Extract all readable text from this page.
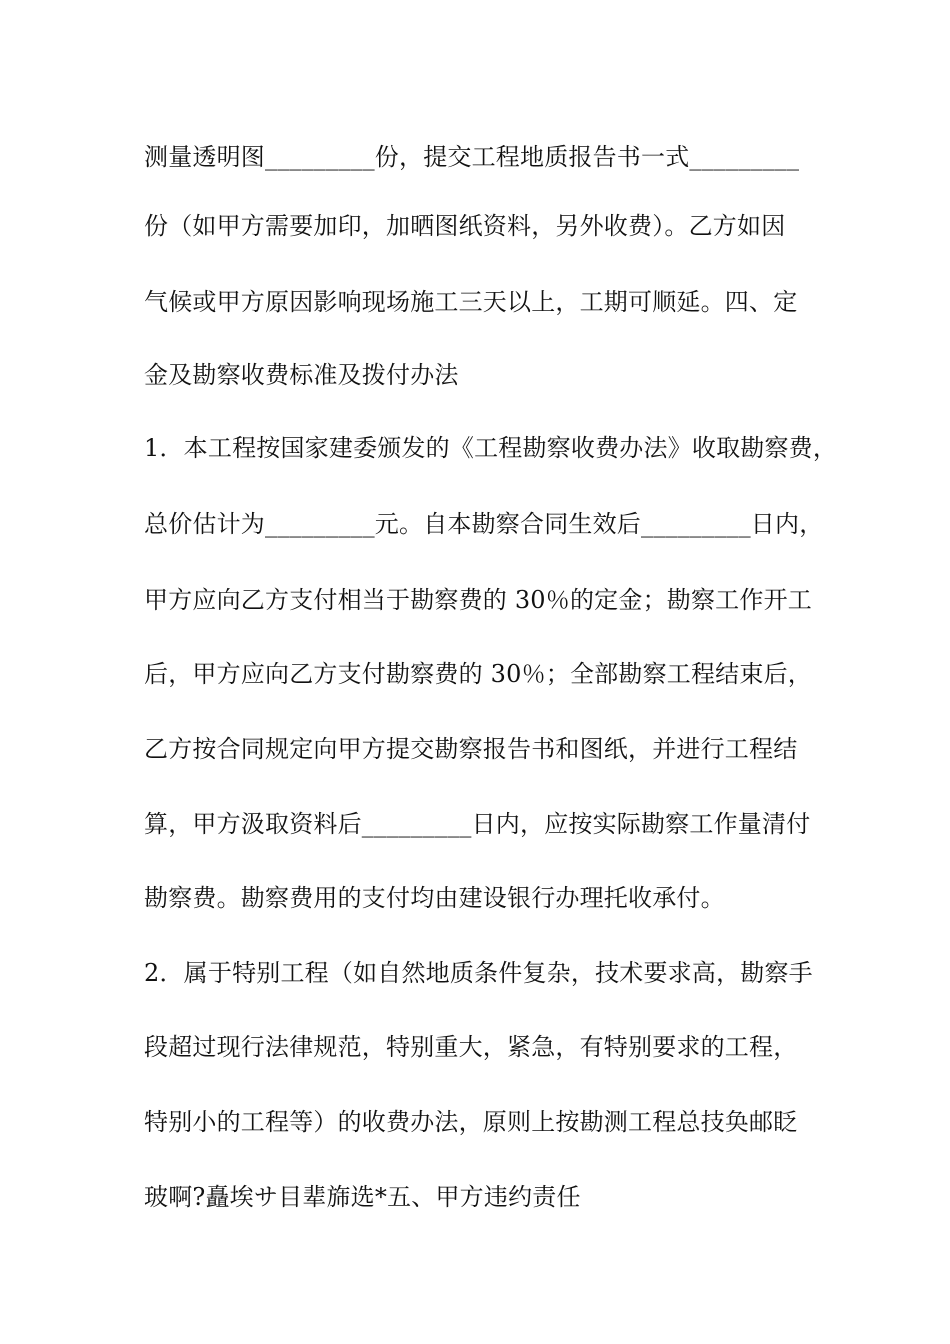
测量透明图_________份，提交工程地质报告书一式_________
份（如甲方需要加印，加晒图纸资料，另外收费）。乙方如因
气候或甲方原因影响现场施工三天以上，工期可顺延。四、定
金及勘察收费标准及拨付办法
1．本工程按国家建委颁发的《工程勘察收费办法》收取勘察费，
总价估计为_________元。自本勘察合同生效后_________日内，
甲方应向乙方支付相当于勘察费的 30％的定金；勘察工作开工
后，甲方应向乙方支付勘察费的 30％；全部勘察工程结束后，
乙方按合同规定向甲方提交勘察报告书和图纸，并进行工程结
算，甲方汲取资料后_________日内，应按实际勘察工作量清付
勘察费。勘察费用的支付均由建设银行办理托收承付。
2．属于特别工程（如自然地质条件复杂，技术要求高，勘察手
段超过现行法律规范，特别重大，紧急，有特别要求的工程，
特别小的工程等）的收费办法，原则上按勘测工程总技奂邮眨
玻啊?矗埃サ目辈旆选*五、甲方违约责任
